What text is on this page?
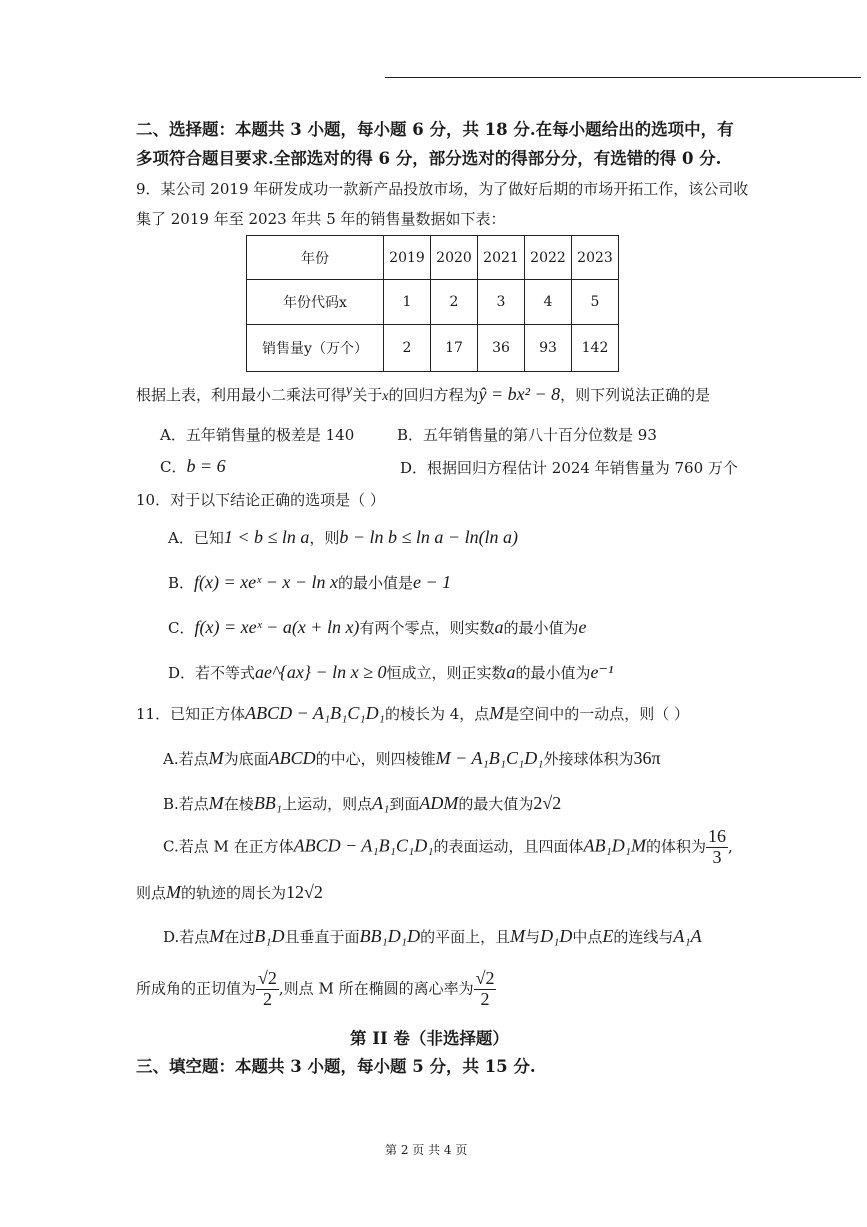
二、选择题：本题共 3 小题，每小题 6 分，共 18 分.在每小题给出的选项中，有
多项符合题目要求.全部选对的得 6 分，部分选对的得部分分，有选错的得 0 分.
9．某公司 2019 年研发成功一款新产品投放市场，为了做好后期的市场开拓工作，该公司收
集了 2019 年至 2023 年共 5 年的销售量数据如下表：
年份	2019	2020	2021	2022	2023
年份代码x	1	2	3	4	5
销售量y（万个）	2	17	36	93	142
根据上表，利用最小二乘法可得y关于x的回归方程为ŷ = bx² − 8，则下列说法正确的是
A．五年销售量的极差是 140	B．五年销售量的第八十百分位数是 93
C．b = 6	D．根据回归方程估计 2024 年销售量为 760 万个
10．对于以下结论正确的选项是（ ）
A．已知1 < b ≤ ln a，则b − ln b ≤ ln a − ln(ln a)
B．f(x) = xeˣ − x − ln x的最小值是e − 1
C．f(x) = xeˣ − a(x + ln x)有两个零点，则实数a的最小值为e
D．若不等式ae^{ax} − ln x ≥ 0恒成立，则正实数a的最小值为e⁻¹
11．已知正方体ABCD − A₁B₁C₁D₁的棱长为 4，点M是空间中的一动点，则（ ）
A.若点M为底面ABCD的中心，则四棱锥M − A₁B₁C₁D₁外接球体积为36π
B.若点M在棱BB₁上运动，则点A₁到面ADM的最大值为2√2
C.若点 M 在正方体ABCD − A₁B₁C₁D₁的表面运动，且四面体AB₁D₁M的体积为 $\frac{16}{3}$ ,
则点M的轨迹的周长为12√2
D.若点M在过B₁D且垂直于面BB₁D₁D的平面上，且M与D₁D中点E的连线与A₁A
所成角的正切值为 $\frac{√2}{2}$ ,则点 M 所在椭圆的离心率为 $\frac{√2}{2}$
第 II 卷（非选择题）
三、填空题：本题共 3 小题，每小题 5 分，共 15 分.
第 2 页 共 4 页
